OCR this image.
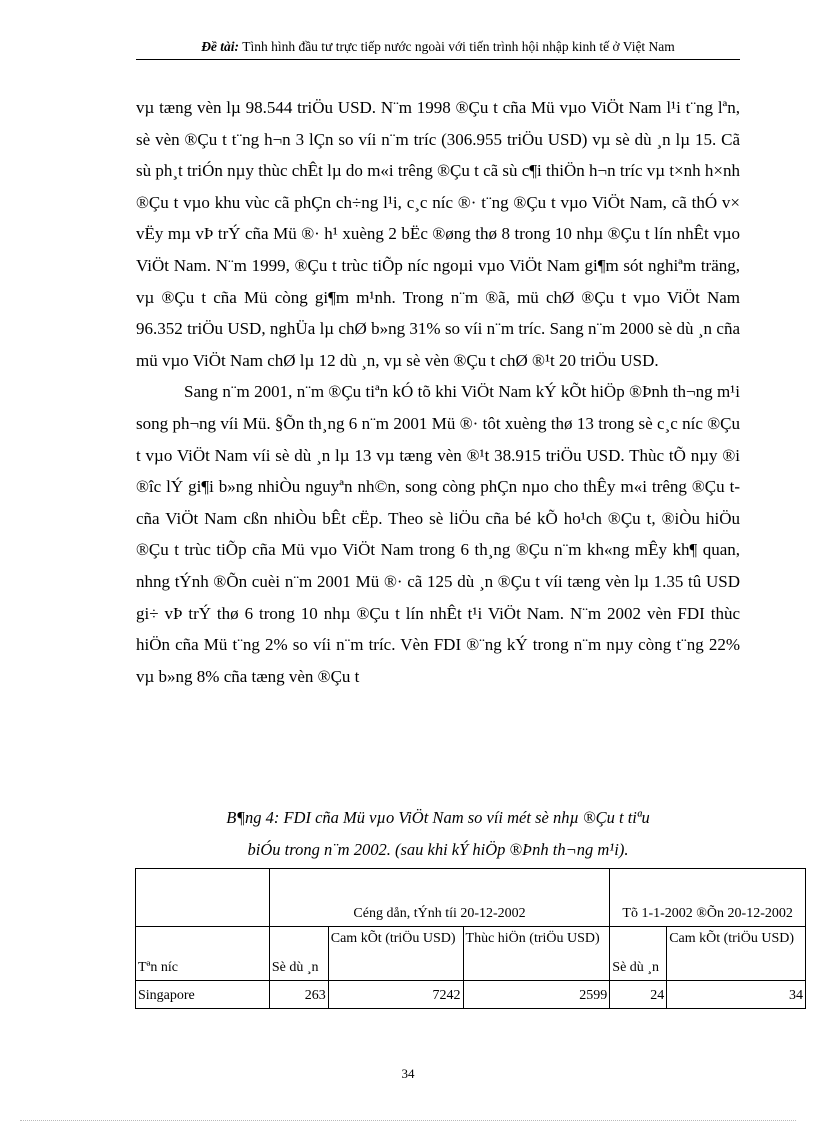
Đề tài: Tình hình đầu tư trực tiếp nước ngoài với tiến trình hội nhập kinh tế ở Việt Nam

vµ tæng vèn lµ 98.544 triÖu USD. N¨m 1998 ®Çu t cña Mü vµo ViÖt Nam l¹i t¨ng lªn, sè vèn ®Çu t t¨ng h¬n 3 lÇn so víi n¨m tríc (306.955 triÖu USD) vµ sè dù ¸n lµ 15. Cã sù ph¸t triÓn nµy thùc chÊt lµ do m«i trêng ®Çu t cã sù c¶i thiÖn h¬n tríc vµ t×nh h×nh ®Çu t vµo khu vùc cã phÇn ch÷ng l¹i, c¸c níc ®· t¨ng ®Çu t vµo ViÖt Nam, cã thÓ v× vËy mµ vÞ trÝ cña Mü ®· h¹ xuèng 2 bËc ®øng thø 8 trong 10 nhµ ®Çu t lín nhÊt vµo ViÖt Nam. N¨m 1999, ®Çu t trùc tiÕp níc ngoµi vµo ViÖt Nam gi¶m sót nghiªm träng, vµ ®Çu t cña Mü còng gi¶m m¹nh. Trong n¨m ®ã, mü chØ ®Çu t vµo ViÖt Nam 96.352 triÖu USD, nghÜa lµ chØ b»ng 31% so víi n¨m tríc. Sang n¨m 2000 sè dù ¸n cña mü vµo ViÖt Nam chØ lµ 12 dù ¸n, vµ sè vèn ®Çu t chØ ®¹t 20 triÖu USD.

Sang n¨m 2001, n¨m ®Çu tiªn kÓ tõ khi ViÖt Nam kÝ kÕt hiÖp ®Þnh th¬ng m¹i song ph¬ng víi Mü. §Õn th¸ng 6 n¨m 2001 Mü ®· tôt xuèng thø 13 trong sè c¸c níc ®Çu t vµo ViÖt Nam víi sè dù ¸n lµ 13 vµ tæng vèn ®¹t 38.915 triÖu USD. Thùc tÕ nµy ®i ®îc lÝ gi¶i b»ng nhiÒu nguyªn nh©n, song còng phÇn nµo cho thÊy m«i trêng ®Çu t cña ViÖt Nam cßn nhiÒu bÊt cËp. Theo sè liÖu cña bé kÕ ho¹ch ®Çu t, ®iÒu hiÖu ®Çu t trùc tiÕp cña Mü vµo ViÖt Nam trong 6 th¸ng ®Çu n¨m kh«ng mÊy kh¶ quan, nhng tÝnh ®Õn cuèi n¨m 2001 Mü ®· cã 125 dù ¸n ®Çu t víi tæng vèn lµ 1.35 tû USD gi÷ vÞ trÝ thø 6 trong 10 nhµ ®Çu t lín nhÊt t¹i ViÖt Nam. N¨m 2002 vèn FDI thùc hiÖn cña Mü t¨ng 2% so víi n¨m tríc. Vèn FDI ®¨ng kÝ trong n¨m nµy còng t¨ng 22% vµ b»ng 8% cña tæng vèn ®Çu t

B¶ng 4: FDI cña Mü vµo ViÖt Nam so víi mét sè nhµ ®Çu t tiªu
biÓu trong n¨m 2002. (sau khi kÝ hiÖp ®Þnh th¬ng m¹i).
	Céng dån, tÝnh tíi 20-12-2002			Tõ 1-1-2002 ®Õn 20-12-2002	
Tªn níc	Sè dù ¸n	Cam kÕt (triÖu USD)	Thùc hiÖn (triÖu USD)	Sè dù ¸n	Cam kÕt (triÖu USD)
Singapore	263	7242	2599	24	34
34
